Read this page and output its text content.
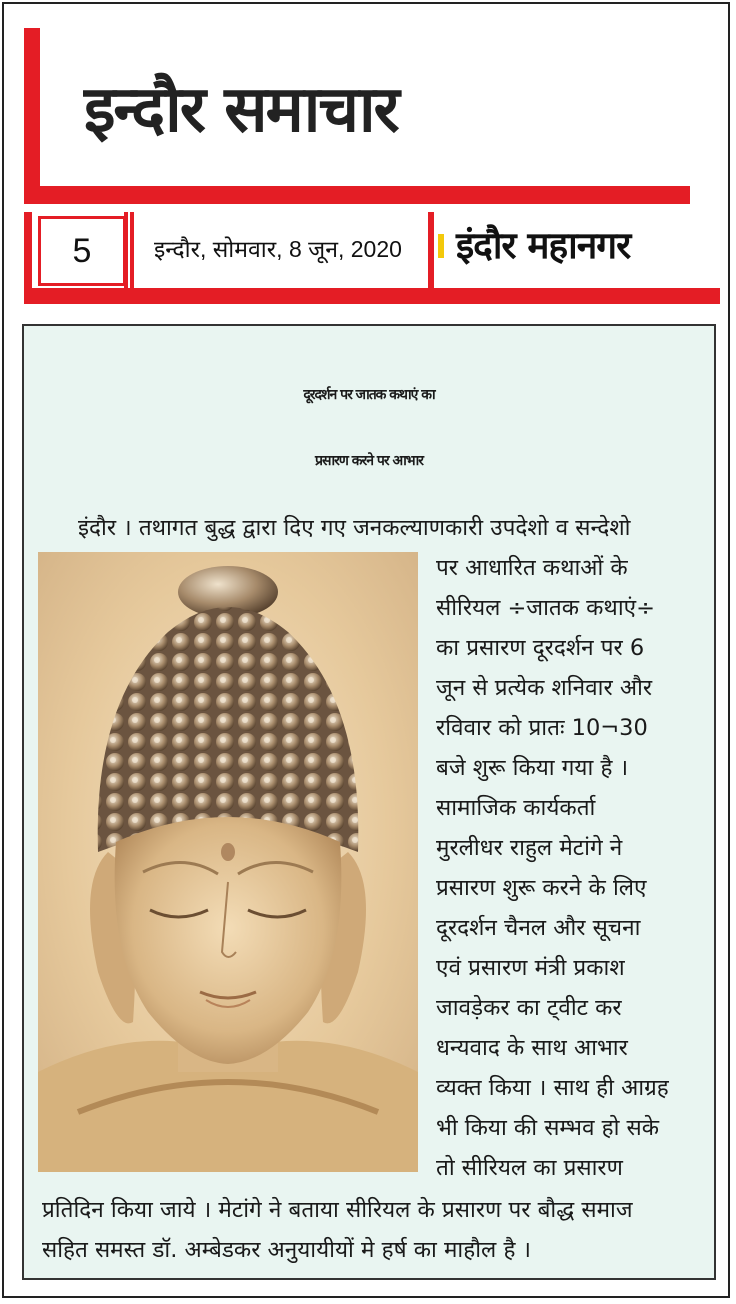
इन्दौर समाचार
5	इन्दौर, सोमवार, 8 जून, 2020 इंदौर महानगर
दूरदर्शन पर जातक कथाएं का
प्रसारण करने पर आभार
इंदौर । तथागत बुद्ध द्वारा दिए गए जनकल्याणकारी उपदेशो व सन्देशो
पर आधारित कथाओं के
सीरियल ÷जातक कथाएं÷
का प्रसारण दूरदर्शन पर 6
जून से प्रत्येक शनिवार और
रविवार को प्रातः 10¬30
बजे शुरू किया गया है ।
सामाजिक कार्यकर्ता
मुरलीधर राहुल मेटांगे ने
प्रसारण शुरू करने के लिए
दूरदर्शन चैनल और सूचना
एवं प्रसारण मंत्री प्रकाश
जावड़ेकर का ट्वीट कर
धन्यवाद के साथ आभार
व्यक्त किया । साथ ही आग्रह
भी किया की सम्भव हो सके
तो सीरियल का प्रसारण
प्रतिदिन किया जाये । मेटांगे ने बताया सीरियल के प्रसारण पर बौद्ध समाज
सहित समस्त डॉ. अम्बेडकर अनुयायीयों मे हर्ष का माहौल है ।
